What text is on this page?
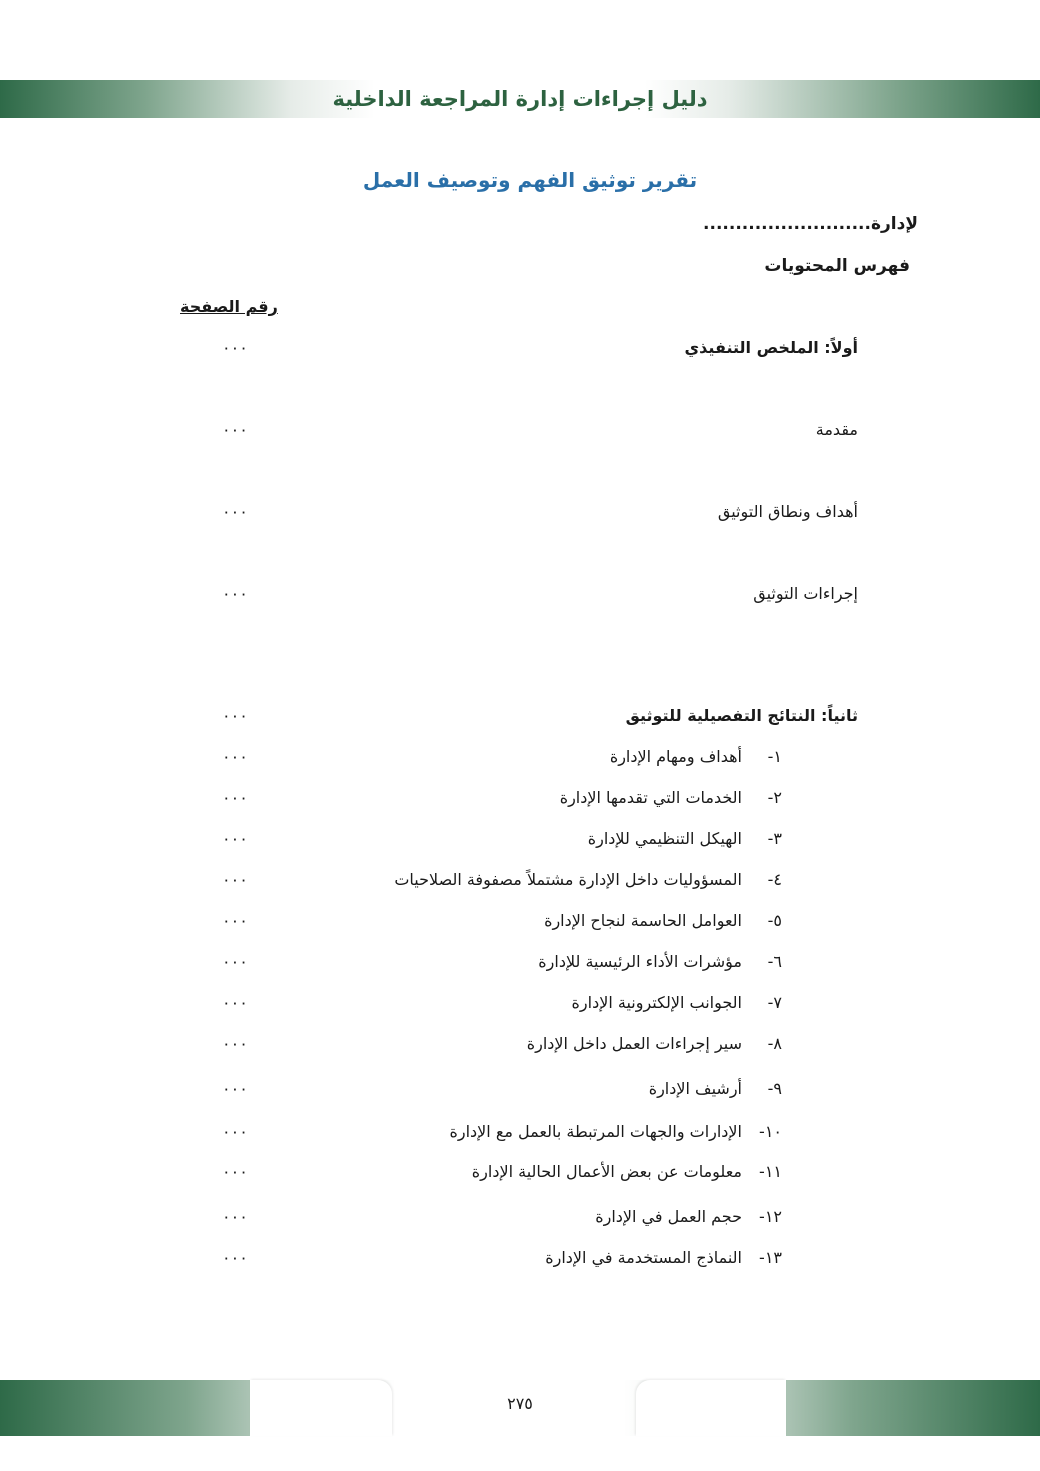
دليل إجراءات إدارة المراجعة الداخلية
تقرير توثيق الفهم وتوصيف العمل
لإدارة..........................
فهرس المحتويات
رقم الصفحة
أولاً: الملخص التنفيذي
٠٠٠
مقدمة
٠٠٠
أهداف ونطاق التوثيق
٠٠٠
إجراءات التوثيق
٠٠٠
ثانياً: النتائج التفصيلية للتوثيق
٠٠٠
١-أهداف ومهام الإدارة
٠٠٠
٢-الخدمات التي تقدمها الإدارة
٠٠٠
٣-الهيكل التنظيمي للإدارة
٠٠٠
٤-المسؤوليات داخل الإدارة مشتملاً مصفوفة الصلاحيات
٠٠٠
٥-العوامل الحاسمة لنجاح الإدارة
٠٠٠
٦-مؤشرات الأداء الرئيسية للإدارة
٠٠٠
٧-الجوانب الإلكترونية الإدارة
٠٠٠
٨-سير إجراءات العمل داخل الإدارة
٠٠٠
٩-أرشيف الإدارة
٠٠٠
١٠-الإدارات والجهات المرتبطة بالعمل مع الإدارة
٠٠٠
١١-معلومات عن بعض الأعمال الحالية الإدارة
٠٠٠
١٢-حجم العمل في الإدارة
٠٠٠
١٣-النماذج المستخدمة في الإدارة
٠٠٠
٢٧٥
